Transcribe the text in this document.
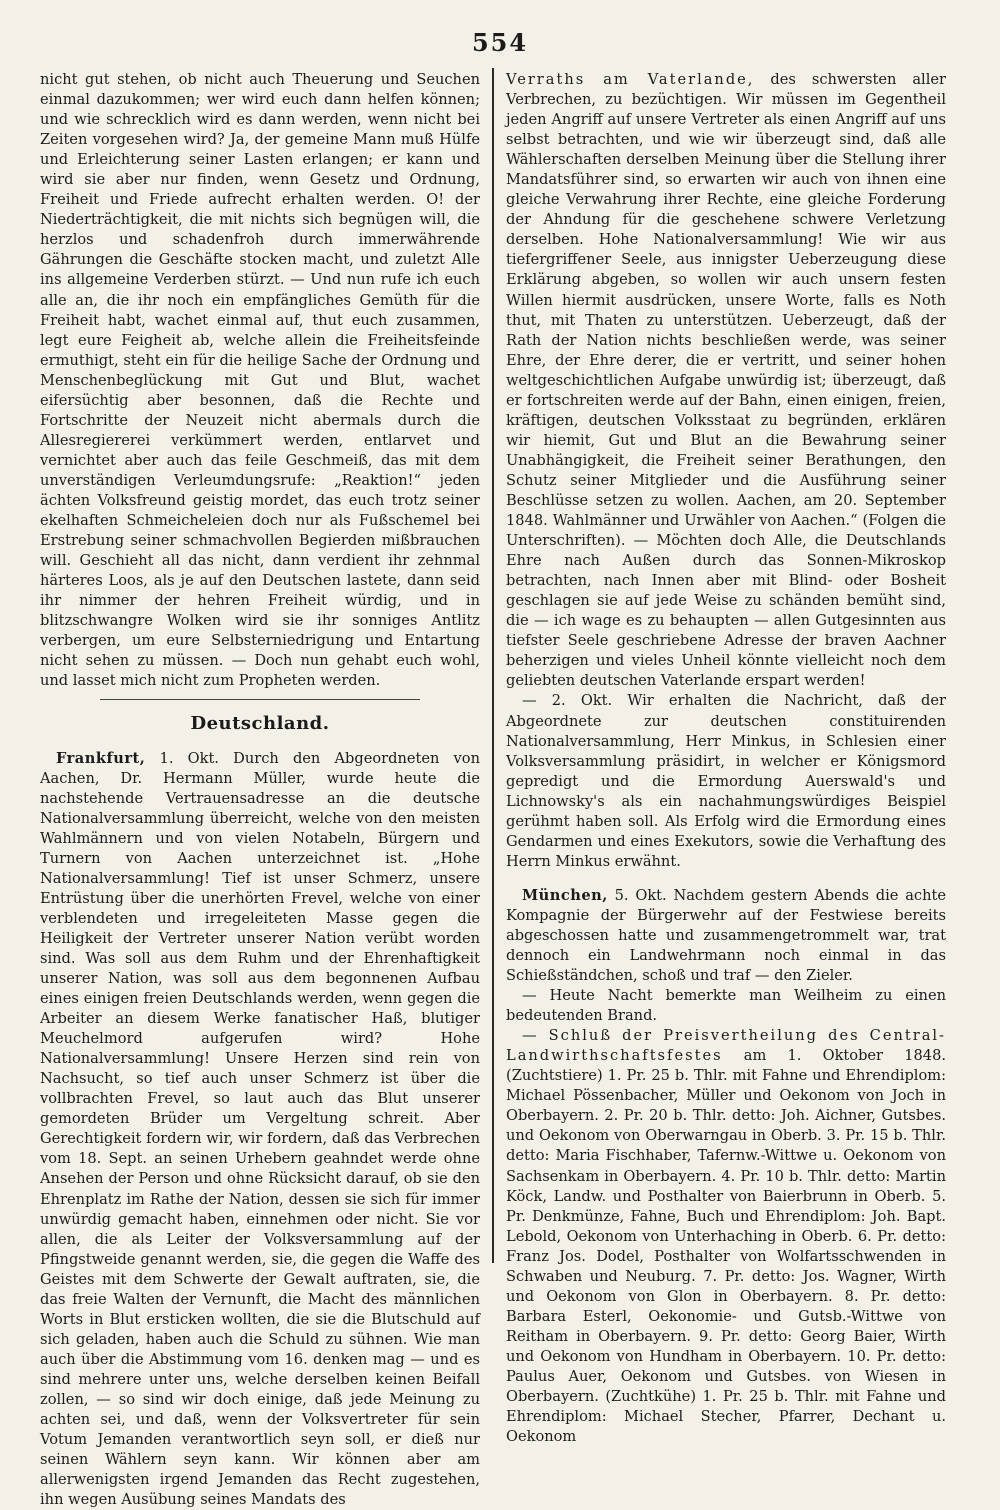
554

nicht gut stehen, ob nicht auch Theuerung und Seuchen einmal dazukommen; wer wird euch dann helfen können; und wie schrecklich wird es dann werden, wenn nicht bei Zeiten vorgesehen wird? Ja, der gemeine Mann muß Hülfe und Erleichterung seiner Lasten erlangen; er kann und wird sie aber nur finden, wenn Gesetz und Ordnung, Freiheit und Friede aufrecht erhalten werden. O! der Niederträchtigkeit, die mit nichts sich begnügen will, die herzlos und schadenfroh durch immerwährende Gährungen die Geschäfte stocken macht, und zuletzt Alle ins allgemeine Verderben stürzt. — Und nun rufe ich euch alle an, die ihr noch ein empfängliches Gemüth für die Freiheit habt, wachet einmal auf, thut euch zusammen, legt eure Feigheit ab, welche allein die Freiheitsfeinde ermuthigt, steht ein für die heilige Sache der Ordnung und Menschenbeglückung mit Gut und Blut, wachet eifersüchtig aber besonnen, daß die Rechte und Fortschritte der Neuzeit nicht abermals durch die Allesregiererei verkümmert werden, entlarvet und vernichtet aber auch das feile Geschmeiß, das mit dem unverständigen Verleumdungsrufe: „Reaktion!“ jeden ächten Volksfreund geistig mordet, das euch trotz seiner ekelhaften Schmeicheleien doch nur als Fußschemel bei Erstrebung seiner schmachvollen Begierden mißbrauchen will. Geschieht all das nicht, dann verdient ihr zehnmal härteres Loos, als je auf den Deutschen lastete, dann seid ihr nimmer der hehren Freiheit würdig, und in blitzschwangre Wolken wird sie ihr sonniges Antlitz verbergen, um eure Selbsterniedrigung und Entartung nicht sehen zu müssen. — Doch nun gehabt euch wohl, und lasset mich nicht zum Propheten werden.

Deutschland.

Frankfurt, 1. Okt. Durch den Abgeordneten von Aachen, Dr. Hermann Müller, wurde heute die nachstehende Vertrauensadresse an die deutsche Nationalversammlung überreicht, welche von den meisten Wahlmännern und von vielen Notabeln, Bürgern und Turnern von Aachen unterzeichnet ist. „Hohe Nationalversammlung! Tief ist unser Schmerz, unsere Entrüstung über die unerhörten Frevel, welche von einer verblendeten und irregeleiteten Masse gegen die Heiligkeit der Vertreter unserer Nation verübt worden sind. Was soll aus dem Ruhm und der Ehrenhaftigkeit unserer Nation, was soll aus dem begonnenen Aufbau eines einigen freien Deutschlands werden, wenn gegen die Arbeiter an diesem Werke fanatischer Haß, blutiger Meuchelmord aufgerufen wird? Hohe Nationalversammlung! Unsere Herzen sind rein von Nachsucht, so tief auch unser Schmerz ist über die vollbrachten Frevel, so laut auch das Blut unserer gemordeten Brüder um Vergeltung schreit. Aber Gerechtigkeit fordern wir, wir fordern, daß das Verbrechen vom 18. Sept. an seinen Urhebern geahndet werde ohne Ansehen der Person und ohne Rücksicht darauf, ob sie den Ehrenplatz im Rathe der Nation, dessen sie sich für immer unwürdig gemacht haben, einnehmen oder nicht. Sie vor allen, die als Leiter der Volksversammlung auf der Pfingstweide genannt werden, sie, die gegen die Waffe des Geistes mit dem Schwerte der Gewalt auftraten, sie, die das freie Walten der Vernunft, die Macht des männlichen Worts in Blut ersticken wollten, die sie die Blutschuld auf sich geladen, haben auch die Schuld zu sühnen. Wie man auch über die Abstimmung vom 16. denken mag — und es sind mehrere unter uns, welche derselben keinen Beifall zollen, — so sind wir doch einige, daß jede Meinung zu achten sei, und daß, wenn der Volksvertreter für sein Votum Jemanden verantwortlich seyn soll, er dieß nur seinen Wählern seyn kann. Wir können aber am allerwenigsten irgend Jemanden das Recht zugestehen, ihn wegen Ausübung seines Mandats des

Verraths am Vaterlande, des schwersten aller Verbrechen, zu bezüchtigen. Wir müssen im Gegentheil jeden Angriff auf unsere Vertreter als einen Angriff auf uns selbst betrachten, und wie wir überzeugt sind, daß alle Wählerschaften derselben Meinung über die Stellung ihrer Mandatsführer sind, so erwarten wir auch von ihnen eine gleiche Verwahrung ihrer Rechte, eine gleiche Forderung der Ahndung für die geschehene schwere Verletzung derselben. Hohe Nationalversammlung! Wie wir aus tiefergriffener Seele, aus innigster Ueberzeugung diese Erklärung abgeben, so wollen wir auch unsern festen Willen hiermit ausdrücken, unsere Worte, falls es Noth thut, mit Thaten zu unterstützen. Ueberzeugt, daß der Rath der Nation nichts beschließen werde, was seiner Ehre, der Ehre derer, die er vertritt, und seiner hohen weltgeschichtlichen Aufgabe unwürdig ist; überzeugt, daß er fortschreiten werde auf der Bahn, einen einigen, freien, kräftigen, deutschen Volksstaat zu begründen, erklären wir hiemit, Gut und Blut an die Bewahrung seiner Unabhängigkeit, die Freiheit seiner Berathungen, den Schutz seiner Mitglieder und die Ausführung seiner Beschlüsse setzen zu wollen. Aachen, am 20. September 1848. Wahlmänner und Urwähler von Aachen.“ (Folgen die Unterschriften). — Möchten doch Alle, die Deutschlands Ehre nach Außen durch das Sonnen-Mikroskop betrachten, nach Innen aber mit Blind- oder Bosheit geschlagen sie auf jede Weise zu schänden bemüht sind, die — ich wage es zu behaupten — allen Gutgesinnten aus tiefster Seele geschriebene Adresse der braven Aachner beherzigen und vieles Unheil könnte vielleicht noch dem geliebten deutschen Vaterlande erspart werden!

— 2. Okt. Wir erhalten die Nachricht, daß der Abgeordnete zur deutschen constituirenden Nationalversammlung, Herr Minkus, in Schlesien einer Volksversammlung präsidirt, in welcher er Königsmord gepredigt und die Ermordung Auerswald's und Lichnowsky's als ein nachahmungswürdiges Beispiel gerühmt haben soll. Als Erfolg wird die Ermordung eines Gendarmen und eines Exekutors, sowie die Verhaftung des Herrn Minkus erwähnt.

München, 5. Okt. Nachdem gestern Abends die achte Kompagnie der Bürgerwehr auf der Festwiese bereits abgeschossen hatte und zusammengetrommelt war, trat dennoch ein Landwehrmann noch einmal in das Schießständchen, schoß und traf — den Zieler.

— Heute Nacht bemerkte man Weilheim zu einen bedeutenden Brand.

— Schluß der Preisvertheilung des Central-Landwirthschaftsfestes am 1. Oktober 1848. (Zuchtstiere) 1. Pr. 25 b. Thlr. mit Fahne und Ehrendiplom: Michael Pössenbacher, Müller und Oekonom von Joch in Oberbayern. 2. Pr. 20 b. Thlr. detto: Joh. Aichner, Gutsbes. und Oekonom von Oberwarngau in Oberb. 3. Pr. 15 b. Thlr. detto: Maria Fischhaber, Tafernw.-Wittwe u. Oekonom von Sachsenkam in Oberbayern. 4. Pr. 10 b. Thlr. detto: Martin Köck, Landw. und Posthalter von Baierbrunn in Oberb. 5. Pr. Denkmünze, Fahne, Buch und Ehrendiplom: Joh. Bapt. Lebold, Oekonom von Unterhaching in Oberb. 6. Pr. detto: Franz Jos. Dodel, Posthalter von Wolfartsschwenden in Schwaben und Neuburg. 7. Pr. detto: Jos. Wagner, Wirth und Oekonom von Glon in Oberbayern. 8. Pr. detto: Barbara Esterl, Oekonomie- und Gutsb.-Wittwe von Reitham in Oberbayern. 9. Pr. detto: Georg Baier, Wirth und Oekonom von Hundham in Oberbayern. 10. Pr. detto: Paulus Auer, Oekonom und Gutsbes. von Wiesen in Oberbayern. (Zuchtkühe) 1. Pr. 25 b. Thlr. mit Fahne und Ehrendiplom: Michael Stecher, Pfarrer, Dechant u. Oekonom
